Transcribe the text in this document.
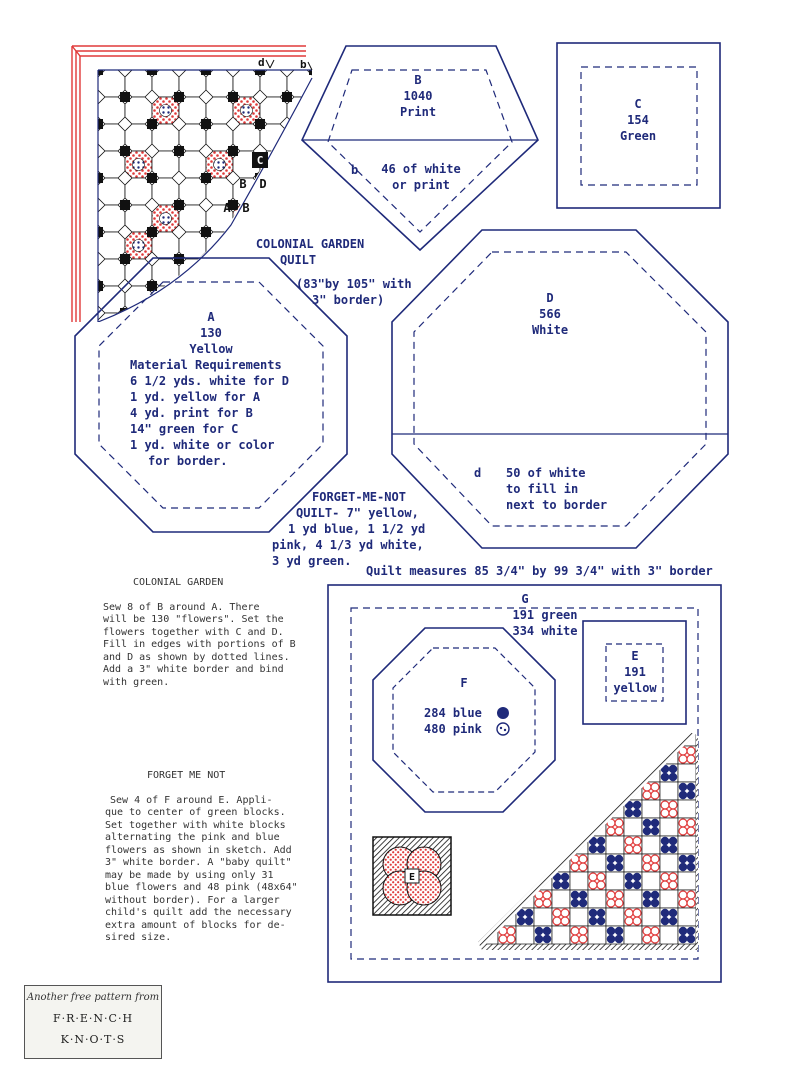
C
D
B
A B
d	b
B
1040
Print
b	46 of white
or print
C
154
Green
COLONIAL GARDEN
QUILT
(83"by 105" with
3" border)
A
130
Yellow
Material Requirements
6 1/2 yds. white for D
1 yd. yellow for A
4 yd. print for B
14" green for C
1 yd. white or color
for border.
D
566
White
d 50 of white
to fill in
next to border
FORGET-ME-NOT
QUILT- 7" yellow,
1 yd blue, 1 1/2 yd
pink, 4 1/3 yd white,
3 yd green.
Quilt measures 85 3/4" by 99 3/4" with 3" border
G
191 green
334 white
E
191
yellow
F
284 blue
480 pink
E
COLONIAL GARDEN
Sew 8 of B around A. There
will be 130 "flowers". Set the
flowers together with C and D.
Fill in edges with portions of B
and D as shown by dotted lines.
Add a 3" white border and bind
with green.
FORGET ME NOT
Sew 4 of F around E. Appli-
que to center of green blocks.
Set together with white blocks
alternating the pink and blue
flowers as shown in sketch. Add
3" white border. A "baby quilt"
may be made by using only 31
blue flowers and 48 pink (48x64"
without border). For a larger
child's quilt add the necessary
extra amount of blocks for de-
sired size.
Another free pattern from
F·R·E·N·C·H
K·N·O·T·S
